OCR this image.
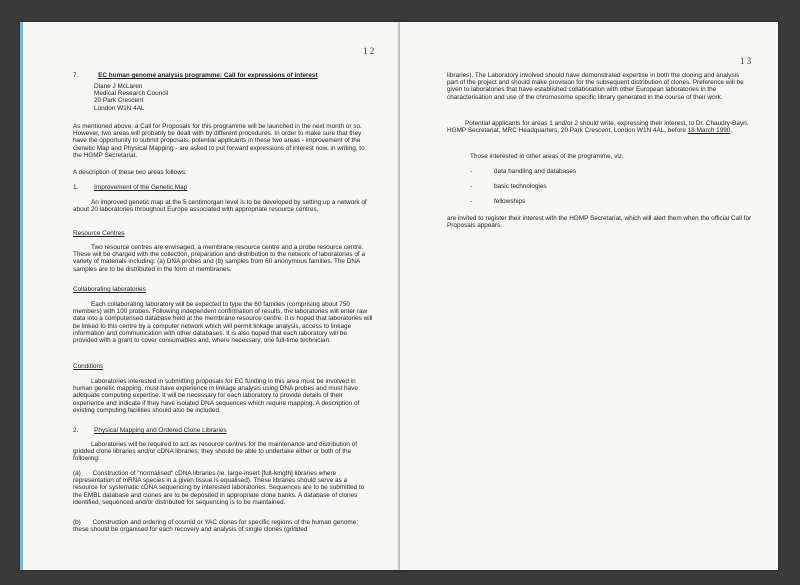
1 2
7.	EC human genome analysis programme: Call for expressions of interest

Diane J McLaren

Medical Research Council

20 Park Crescent

London W1N 4AL

As mentioned above, a Call for Proposals for this programme will be launched in the next month or so. However, two areas will probably be dealt with by different procedures. In order to make sure that they have the opportunity to submit proposals, potential applicants in these two areas - improvement of the Genetic Map and Physical Mapping - are asked to put forward expressions of interest now, in writing, to the HGMP Secretariat.
A description of these two areas follows:
1. Improvement of the Genetic Map
An improved genetic map at the 5 centimorgan level is to be developed by setting up a network of about 20 laboratories throughout Europe associated with appropriate resource centres.
Resource Centres
Two resource centres are envisaged, a membrane resource centre and a probe resource centre. These will be charged with the collection, preparation and distribution to the network of laboratories of a variety of materials including: (a) DNA probes and (b) samples from 60 anonymous families. The DNA samples are to be distributed in the form of membranes.
Collaborating laboratories
Each collaborating laboratory will be expected to type the 60 families (comprising about 750 members) with 100 probes. Following independent confirmation of results, the laboratories will enter raw data into a computerised database held at the membrane resource centre. It is hoped that laboratories will be linked to this centre by a computer network which will permit linkage analysis, access to linkage information and communication with other databases. It is also hoped that each laboratory will be provided with a grant to cover consumables and, where necessary, one full-time technician.
Conditions
Laboratories interested in submitting proposals for EC funding in this area must be involved in human genetic mapping, must have experience in linkage analysis using DNA probes and must have adequate computing expertise. It will be necessary for each laboratory to provide details of their experience and indicate if they have isolated DNA sequences which require mapping. A description of existing computing facilities should also be included.
2. Physical Mapping and Ordered Clone Libraries
Laboratories will be required to act as resource centres for the maintenance and distribution of gridded clone libraries and/or cDNA libraries; they should be able to undertake either or both of the following:
(a) Construction of "normalised" cDNA libraries (ie. large-insert [full-length] libraries where representation of mRNA species in a given tissue is equalised). These libraries should serve as a resource for systematic cDNA sequencing by interested laboratories. Sequences are to be submitted to the EMBL database and clones are to be deposited in appropriate clone banks. A database of clones identified, sequenced and/or distributed for sequencing is to be maintained.
(b) Construction and ordering of cosmid or YAC clones for specific regions of the human genome; these should be organised for each recovery and analysis of single clones (gridded
1 3
libraries). The Laboratory involved should have demonstrated expertise in both the cloning and analysis part of the project and should make provision for the subsequent distribution of clones. Preference will be given to laboratories that have established collaboration with other European laboratories in the characterisation and use of the chromosome specific library generated in the course of their work.
Potential applicants for areas 1 and/or 2 should write, expressing their interest, to Dr. Chaudry-Bayri, HGMP Secretariat, MRC Headquarters, 20 Park Crescent, London W1N 4AL, before 18 March 1990.
Those interested in other areas of the programme, viz.
-	data handling and databases
-	basic technologies
-	fellowships
are invited to register their interest with the HGMP Secretariat, which will alert them when the official Call for Proposals appears.
